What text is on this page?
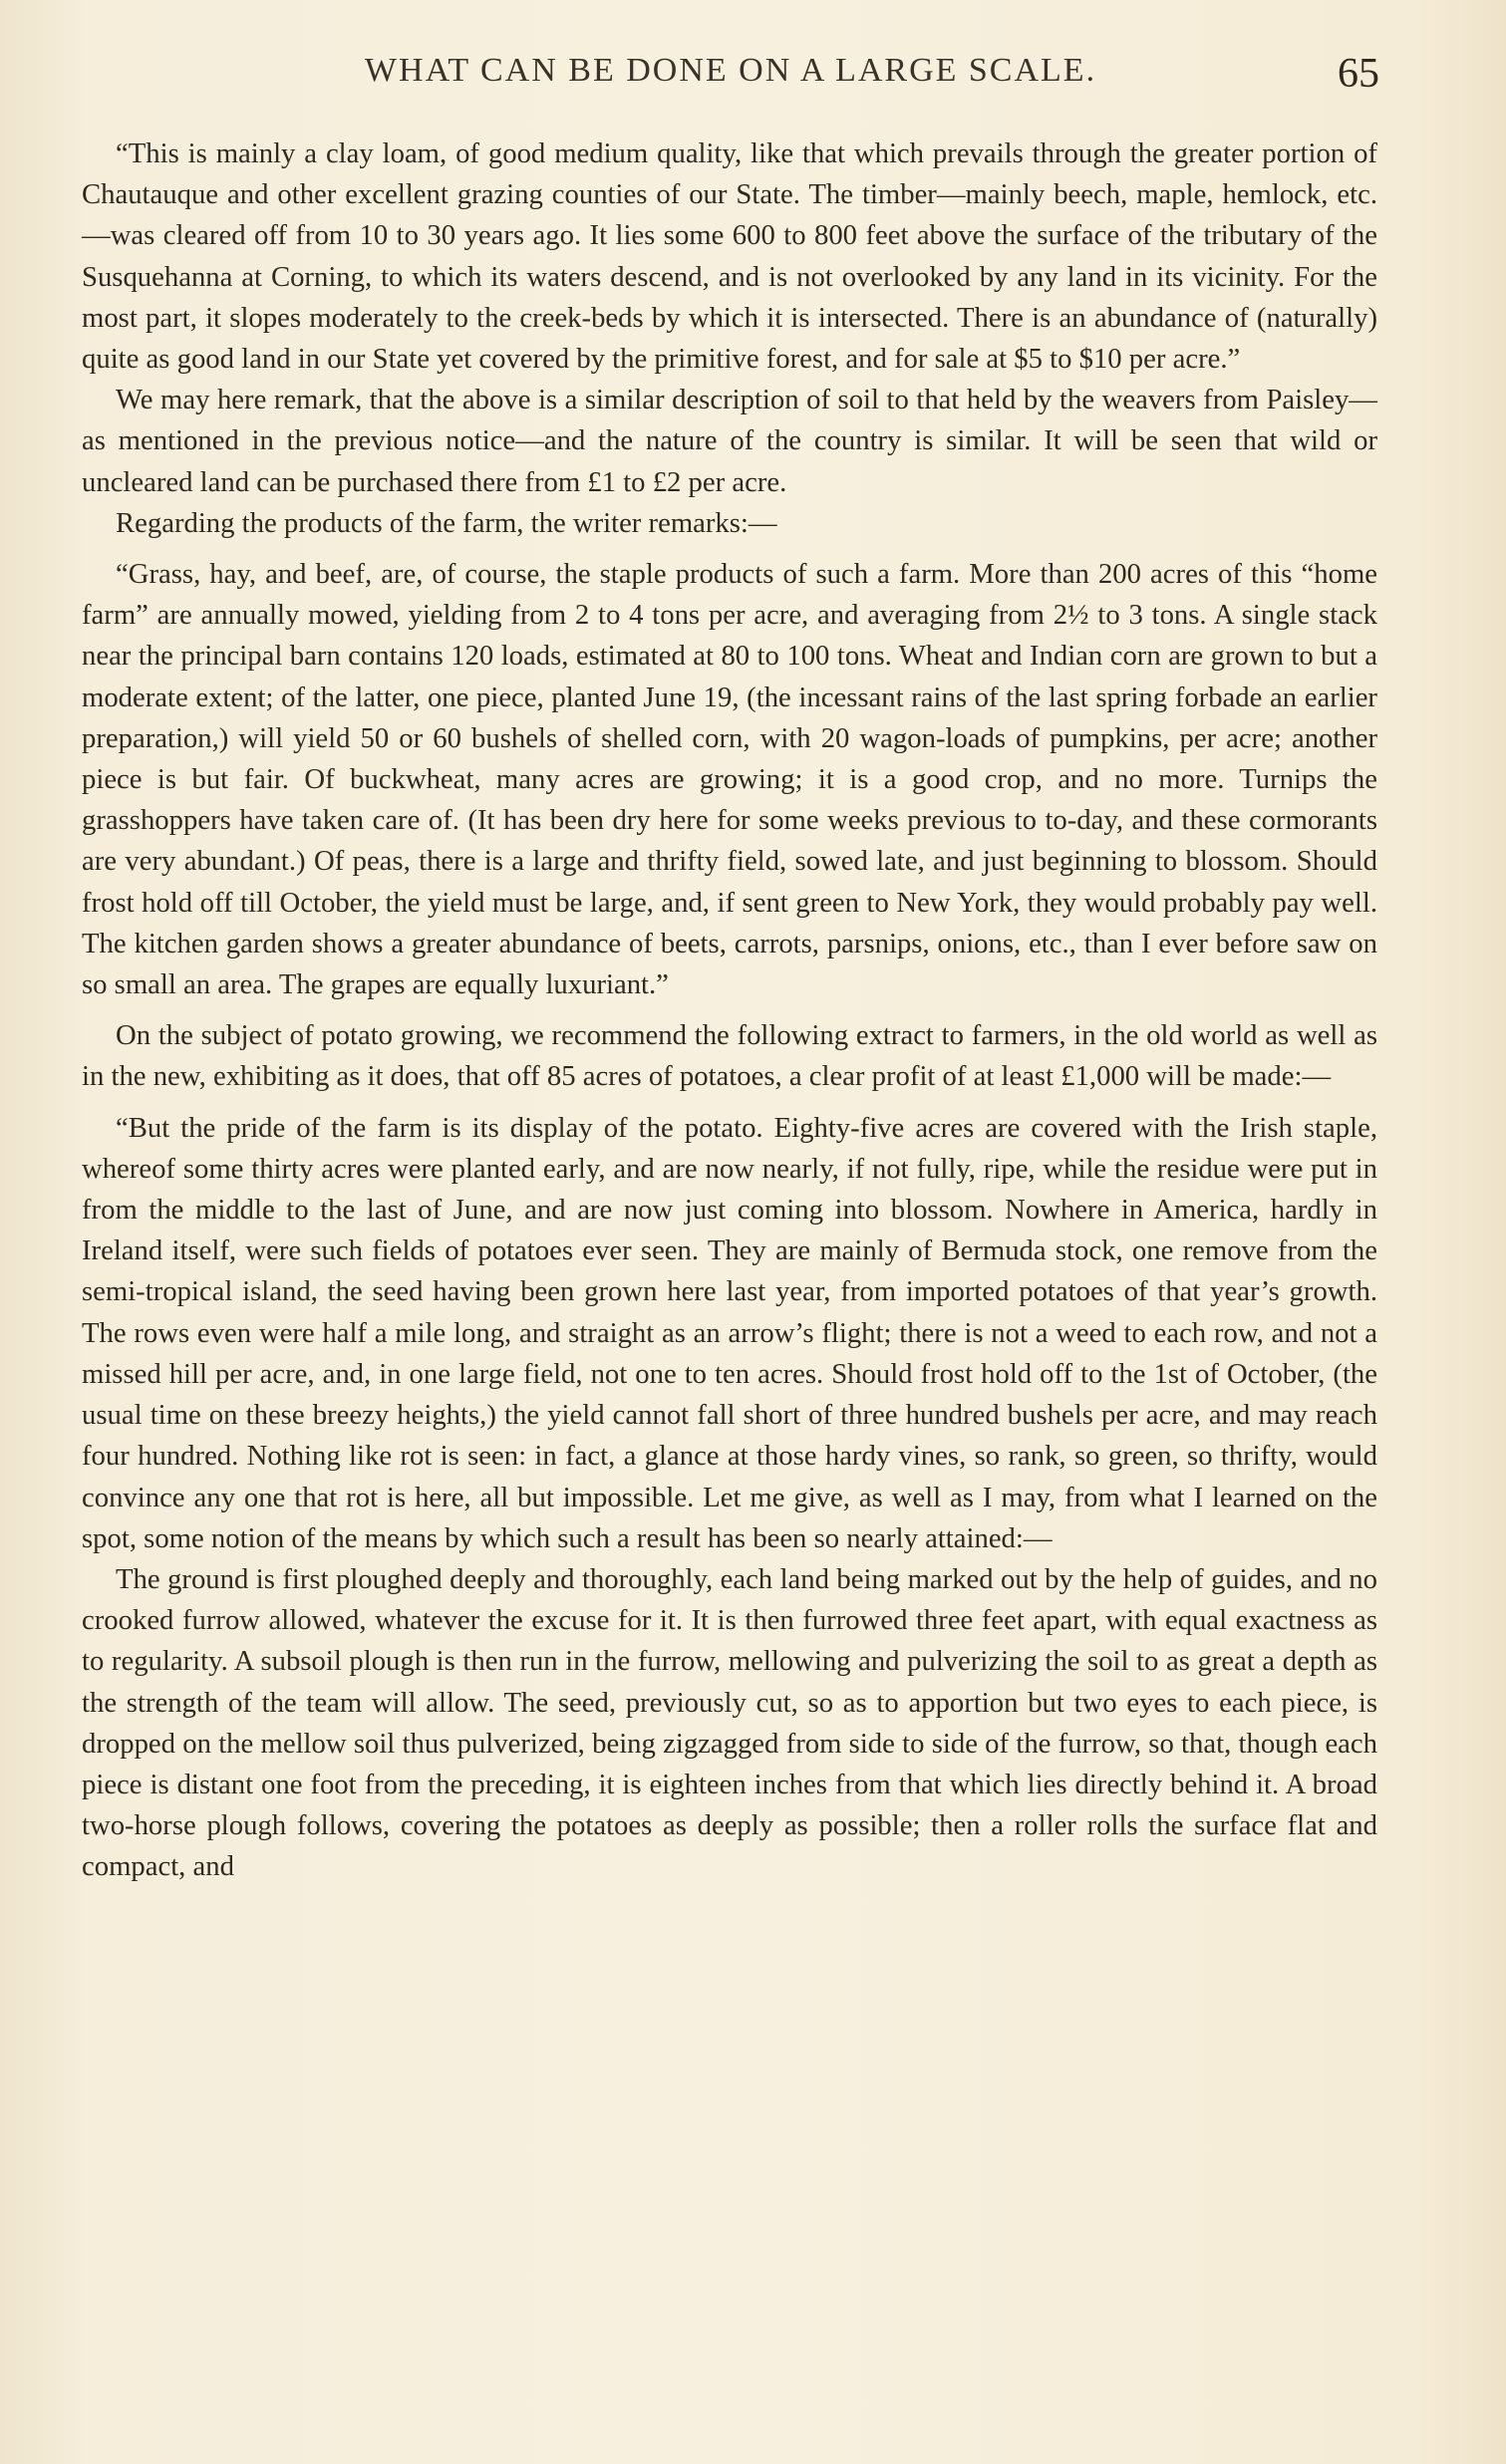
WHAT CAN BE DONE ON A LARGE SCALE.	65

“This is mainly a clay loam, of good medium quality, like that which prevails through the greater portion of Chautauque and other excellent grazing counties of our State. The timber—mainly beech, maple, hemlock, etc.—was cleared off from 10 to 30 years ago. It lies some 600 to 800 feet above the surface of the tributary of the Susquehanna at Corning, to which its waters descend, and is not overlooked by any land in its vicinity. For the most part, it slopes moderately to the creek-beds by which it is intersected. There is an abundance of (naturally) quite as good land in our State yet covered by the primitive forest, and for sale at $5 to $10 per acre.”

We may here remark, that the above is a similar description of soil to that held by the weavers from Paisley—as mentioned in the previous notice—and the nature of the country is similar. It will be seen that wild or uncleared land can be purchased there from £1 to £2 per acre.

Regarding the products of the farm, the writer remarks:—

“Grass, hay, and beef, are, of course, the staple products of such a farm. More than 200 acres of this “home farm” are annually mowed, yielding from 2 to 4 tons per acre, and averaging from 2½ to 3 tons. A single stack near the principal barn contains 120 loads, estimated at 80 to 100 tons. Wheat and Indian corn are grown to but a moderate extent; of the latter, one piece, planted June 19, (the incessant rains of the last spring forbade an earlier preparation,) will yield 50 or 60 bushels of shelled corn, with 20 wagon-loads of pumpkins, per acre; another piece is but fair. Of buckwheat, many acres are growing; it is a good crop, and no more. Turnips the grasshoppers have taken care of. (It has been dry here for some weeks previous to to-day, and these cormorants are very abundant.) Of peas, there is a large and thrifty field, sowed late, and just beginning to blossom. Should frost hold off till October, the yield must be large, and, if sent green to New York, they would probably pay well. The kitchen garden shows a greater abundance of beets, carrots, parsnips, onions, etc., than I ever before saw on so small an area. The grapes are equally luxuriant.”

On the subject of potato growing, we recommend the following extract to farmers, in the old world as well as in the new, exhibiting as it does, that off 85 acres of potatoes, a clear profit of at least £1,000 will be made:—

“But the pride of the farm is its display of the potato. Eighty-five acres are covered with the Irish staple, whereof some thirty acres were planted early, and are now nearly, if not fully, ripe, while the residue were put in from the middle to the last of June, and are now just coming into blossom. Nowhere in America, hardly in Ireland itself, were such fields of potatoes ever seen. They are mainly of Bermuda stock, one remove from the semi-tropical island, the seed having been grown here last year, from imported potatoes of that year’s growth. The rows even were half a mile long, and straight as an arrow’s flight; there is not a weed to each row, and not a missed hill per acre, and, in one large field, not one to ten acres. Should frost hold off to the 1st of October, (the usual time on these breezy heights,) the yield cannot fall short of three hundred bushels per acre, and may reach four hundred. Nothing like rot is seen: in fact, a glance at those hardy vines, so rank, so green, so thrifty, would convince any one that rot is here, all but impossible. Let me give, as well as I may, from what I learned on the spot, some notion of the means by which such a result has been so nearly attained:—

The ground is first ploughed deeply and thoroughly, each land being marked out by the help of guides, and no crooked furrow allowed, whatever the excuse for it. It is then furrowed three feet apart, with equal exactness as to regularity. A subsoil plough is then run in the furrow, mellowing and pulverizing the soil to as great a depth as the strength of the team will allow. The seed, previously cut, so as to apportion but two eyes to each piece, is dropped on the mellow soil thus pulverized, being zigzagged from side to side of the furrow, so that, though each piece is distant one foot from the preceding, it is eighteen inches from that which lies directly behind it. A broad two-horse plough follows, covering the potatoes as deeply as possible; then a roller rolls the surface flat and compact, and
